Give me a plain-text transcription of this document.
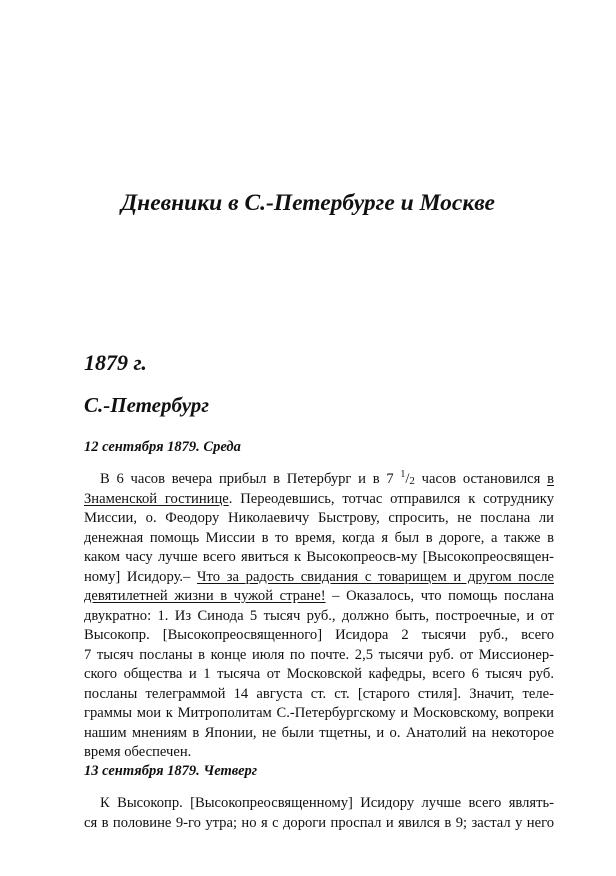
Дневники в С.-Петербурге и Москве
1879 г.
С.-Петербург
12 сентября 1879. Среда
В 6 часов вечера прибыл в Петербург и в 7 $^1/_2$ часов остановился в
Знаменской гостинице. Переодевшись, тотчас отправился к сотруднику
Миссии, о. Феодору Николаевичу Быстрову, спросить, не послана ли
денежная помощь Миссии в то время, когда я был в дороге, а также в
каком часу лучше всего явиться к Высокопреосв-му [Высокопреосвящен-
ному] Исидору.– Что за радость свидания с товарищем и другом после
девятилетней жизни в чужой стране! – Оказалось, что помощь послана
двукратно: 1. Из Синода 5 тысяч руб., должно быть, построечные, и от
Высокопр. [Высокопреосвященного] Исидора 2 тысячи руб., всего
7 тысяч посланы в конце июля по почте. 2,5 тысячи руб. от Миссионер-
ского общества и 1 тысяча от Московской кафедры, всего 6 тысяч руб.
посланы телеграммой 14 августа ст. ст. [старого стиля]. Значит, теле-
граммы мои к Митрополитам С.-Петербургскому и Московскому, вопреки
нашим мнениям в Японии, не были тщетны, и о. Анатолий на некоторое
время обеспечен.
13 сентября 1879. Четверг
К Высокопр. [Высокопреосвященному] Исидору лучше всего являть-
ся в половине 9-го утра; но я с дороги проспал и явился в 9; застал у него
